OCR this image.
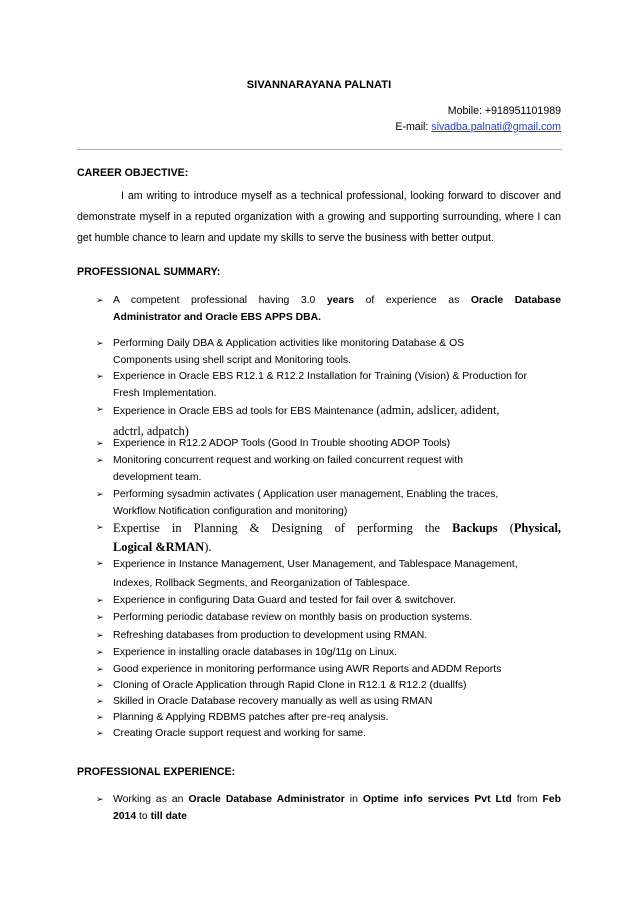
SIVANNARAYANA PALNATI
Mobile: +918951101989
E-mail: sivadba.palnati@gmail.com
CAREER OBJECTIVE:

I am writing to introduce myself as a technical professional, looking forward to discover and demonstrate myself in a reputed organization with a growing and supporting surrounding, where I can get humble chance to learn and update my skills to serve the business with better output.

PROFESSIONAL SUMMARY:
➢ A competent professional having 3.0 years of experience as Oracle Database
Administrator and Oracle EBS APPS DBA.
➢ Performing Daily DBA & Application activities like monitoring Database & OS
Components using shell script and Monitoring tools.
➢ Experience in Oracle EBS R12.1 & R12.2 Installation for Training (Vision) & Production for
Fresh Implementation.
➢ Experience in Oracle EBS ad tools for EBS Maintenance (admin, adslicer, adident,
adctrl, adpatch)
➢ Experience in R12.2 ADOP Tools (Good In Trouble shooting ADOP Tools)
➢ Monitoring concurrent request and working on failed concurrent request with
development team.
➢ Performing sysadmin activates ( Application user management, Enabling the traces,
Workflow Notification configuration and monitoring)
➢ Expertise in Planning & Designing of performing the Backups (Physical,
Logical &RMAN).
➢ Experience in Instance Management, User Management, and Tablespace Management,
Indexes, Rollback Segments, and Reorganization of Tablespace.
➢ Experience in configuring Data Guard and tested for fail over & switchover.
➢ Performing periodic database review on monthly basis on production systems.
➢ Refreshing databases from production to development using RMAN.
➢ Experience in installing oracle databases in 10g/11g on Linux.
➢ Good experience in monitoring performance using AWR Reports and ADDM Reports
➢ Cloning of Oracle Application through Rapid Clone in R12.1 & R12.2 (duallfs)
➢ Skilled in Oracle Database recovery manually as well as using RMAN
➢ Planning & Applying RDBMS patches after pre-req analysis.
➢ Creating Oracle support request and working for same.
PROFESSIONAL EXPERIENCE:
➢ Working as an Oracle Database Administrator in Optime info services Pvt Ltd from Feb
2014 to till date
